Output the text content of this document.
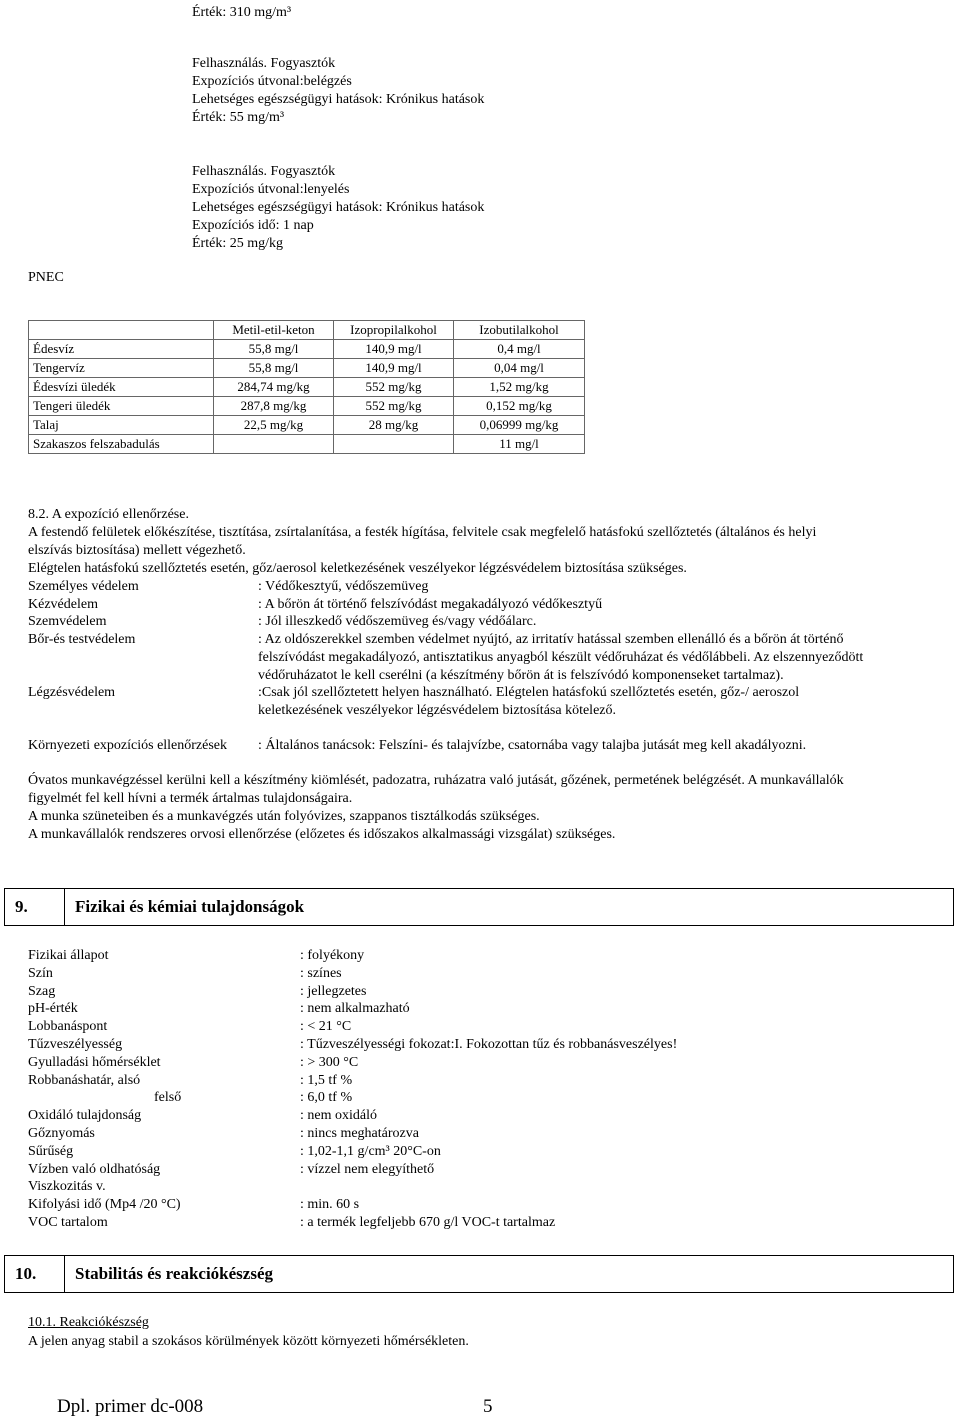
Érték: 310 mg/m³
Felhasználás. Fogyasztók
Expozíciós útvonal:belégzés
Lehetséges egészségügyi hatások: Krónikus hatások
Érték: 55 mg/m³
Felhasználás. Fogyasztók
Expozíciós útvonal:lenyelés
Lehetséges egészségügyi hatások: Krónikus hatások
Expozíciós idő: 1 nap
Érték: 25 mg/kg
PNEC
	Metil-etil-keton	Izopropilalkohol	Izobutilalkohol
Édesvíz	55,8 mg/l	140,9 mg/l	0,4 mg/l
Tengervíz	55,8 mg/l	140,9 mg/l	0,04 mg/l
Édesvízi üledék	284,74 mg/kg	552 mg/kg	1,52 mg/kg
Tengeri üledék	287,8 mg/kg	552 mg/kg	0,152 mg/kg
Talaj	22,5 mg/kg	28 mg/kg	0,06999 mg/kg
Szakaszos felszabadulás			11 mg/l
8.2. A expozíció ellenőrzése.
A festendő felületek előkészítése, tisztítása, zsírtalanítása, a festék hígítása, felvitele csak megfelelő hatásfokú szellőztetés (általános és helyi
elszívás biztosítása) mellett végezhető.
Elégtelen hatásfokú szellőztetés esetén, gőz/aerosol keletkezésének veszélyekor légzésvédelem biztosítása szükséges.
Személyes védelem	: Védőkesztyű, védőszemüveg
Kézvédelem	: A bőrön át történő felszívódást megakadályozó védőkesztyű
Szemvédelem	: Jól illeszkedő védőszemüveg és/vagy védőálarc.
Bőr-és testvédelem	: Az oldószerekkel szemben védelmet nyújtó, az irritatív hatással szemben ellenálló és a bőrön át történő
felszívódást megakadályozó, antisztatikus anyagból készült védőruházat és védőlábbeli. Az elszennyeződött
védőruházatot le kell cserélni (a készítmény bőrön át is felszívódó komponenseket tartalmaz).
Légzésvédelem	:Csak jól szellőztetett helyen használható. Elégtelen hatásfokú szellőztetés esetén, gőz-/ aeroszol
keletkezésének veszélyekor légzésvédelem biztosítása kötelező.
Környezeti expozíciós ellenőrzések : Általános tanácsok: Felszíni- és talajvízbe, csatornába vagy talajba jutását meg kell akadályozni.
Óvatos munkavégzéssel kerülni kell a készítmény kiömlését, padozatra, ruházatra való jutását, gőzének, permetének belégzését. A munkavállalók
figyelmét fel kell hívni a termék ártalmas tulajdonságaira.
A munka szüneteiben és a munkavégzés után folyóvizes, szappanos tisztálkodás szükséges.
A munkavállalók rendszeres orvosi ellenőrzése (előzetes és időszakos alkalmassági vizsgálat) szükséges.
9.	Fizikai és kémiai tulajdonságok
Fizikai állapot	: folyékony
Szín	: színes
Szag	: jellegzetes
pH-érték	: nem alkalmazható
Lobbanáspont	: < 21 °C
Tűzveszélyesség	: Tűzveszélyességi fokozat:I. Fokozottan tűz és robbanásveszélyes!
Gyulladási hőmérséklet	: > 300 °C
Robbanáshatár, alsó	: 1,5 tf %
felső	: 6,0 tf %
Oxidáló tulajdonság	: nem oxidáló
Gőznyomás	: nincs meghatározva
Sűrűség	: 1,02-1,1 g/cm³ 20°C-on
Vízben való oldhatóság	: vízzel nem elegyíthető
Viszkozitás v.
Kifolyási idő (Mp4 /20 °C)	: min. 60 s
VOC tartalom	: a termék legfeljebb 670 g/l VOC-t tartalmaz
10.	Stabilitás és reakciókészség
10.1. Reakciókészség
A jelen anyag stabil a szokásos körülmények között környezeti hőmérsékleten.
Dpl. primer dc-008	5
